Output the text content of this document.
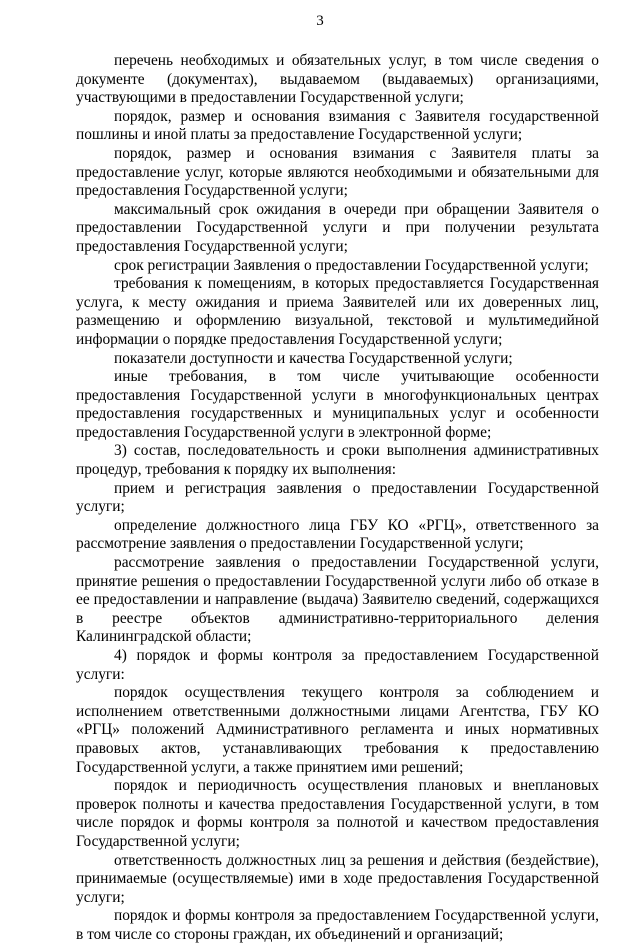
3

перечень необходимых и обязательных услуг, в том числе сведения о документе (документах), выдаваемом (выдаваемых) организациями, участвующими в предоставлении Государственной услуги;

порядок, размер и основания взимания с Заявителя государственной пошлины и иной платы за предоставление Государственной услуги;

порядок, размер и основания взимания с Заявителя платы за предоставление услуг, которые являются необходимыми и обязательными для предоставления Государственной услуги;

максимальный срок ожидания в очереди при обращении Заявителя о предоставлении Государственной услуги и при получении результата предоставления Государственной услуги;

срок регистрации Заявления о предоставлении Государственной услуги;

требования к помещениям, в которых предоставляется Государственная услуга, к месту ожидания и приема Заявителей или их доверенных лиц, размещению и оформлению визуальной, текстовой и мультимедийной информации о порядке предоставления Государственной услуги;

показатели доступности и качества Государственной услуги;

иные требования, в том числе учитывающие особенности предоставления Государственной услуги в многофункциональных центрах предоставления государственных и муниципальных услуг и особенности предоставления Государственной услуги в электронной форме;

3) состав, последовательность и сроки выполнения административных процедур, требования к порядку их выполнения:

прием и регистрация заявления о предоставлении Государственной услуги;

определение должностного лица ГБУ КО «РГЦ», ответственного за рассмотрение заявления о предоставлении Государственной услуги;

рассмотрение заявления о предоставлении Государственной услуги, принятие решения о предоставлении Государственной услуги либо об отказе в ее предоставлении и направление (выдача) Заявителю сведений, содержащихся в реестре объектов административно-территориального деления Калининградской области;

4) порядок и формы контроля за предоставлением Государственной услуги:

порядок осуществления текущего контроля за соблюдением и исполнением ответственными должностными лицами Агентства, ГБУ КО «РГЦ» положений Административного регламента и иных нормативных правовых актов, устанавливающих требования к предоставлению Государственной услуги, а также принятием ими решений;

порядок и периодичность осуществления плановых и внеплановых проверок полноты и качества предоставления Государственной услуги, в том числе порядок и формы контроля за полнотой и качеством предоставления Государственной услуги;

ответственность должностных лиц за решения и действия (бездействие), принимаемые (осуществляемые) ими в ходе предоставления Государственной услуги;

порядок и формы контроля за предоставлением Государственной услуги, в том числе со стороны граждан, их объединений и организаций;
